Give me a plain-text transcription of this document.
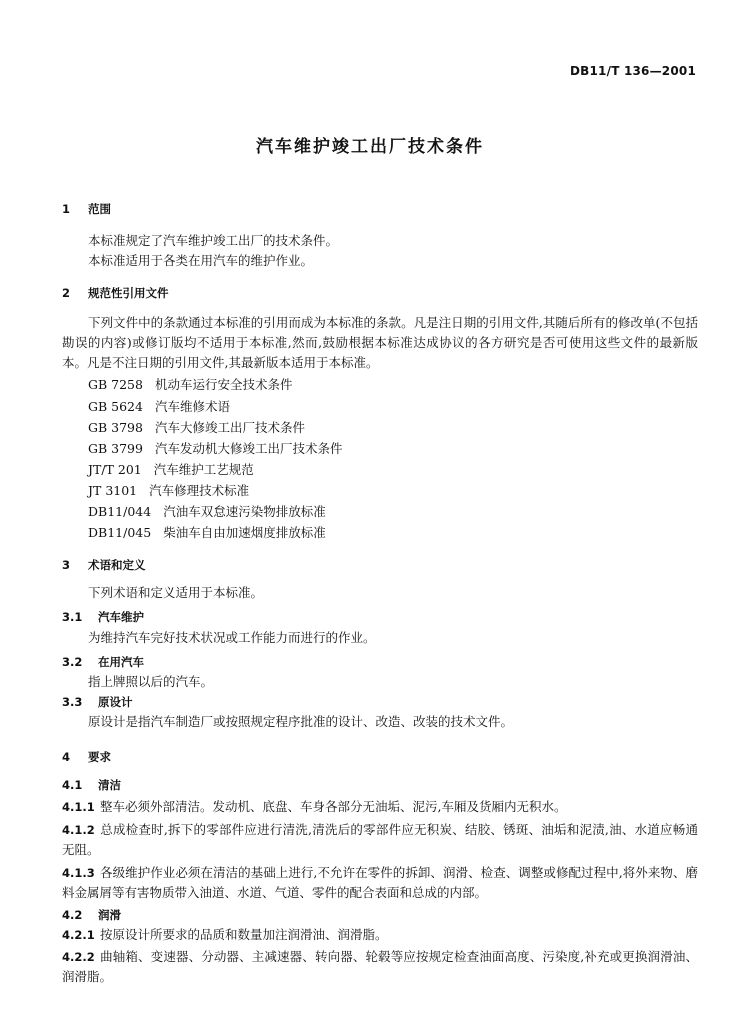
DB11/T 136—2001
汽车维护竣工出厂技术条件
1 范围
本标准规定了汽车维护竣工出厂的技术条件。
本标准适用于各类在用汽车的维护作业。
2 规范性引用文件
下列文件中的条款通过本标准的引用而成为本标准的条款。凡是注日期的引用文件,其随后所有的修改单(不包括勘误的内容)或修订版均不适用于本标准,然而,鼓励根据本标准达成协议的各方研究是否可使用这些文件的最新版本。凡是不注日期的引用文件,其最新版本适用于本标准。
GB 7258 机动车运行安全技术条件
GB 5624 汽车维修术语
GB 3798 汽车大修竣工出厂技术条件
GB 3799 汽车发动机大修竣工出厂技术条件
JT/T 201 汽车维护工艺规范
JT 3101 汽车修理技术标准
DB11/044 汽油车双怠速污染物排放标准
DB11/045 柴油车自由加速烟度排放标准
3 术语和定义
下列术语和定义适用于本标准。
3.1 汽车维护
为维持汽车完好技术状况或工作能力而进行的作业。
3.2 在用汽车
指上牌照以后的汽车。
3.3 原设计
原设计是指汽车制造厂或按照规定程序批准的设计、改造、改装的技术文件。
4 要求
4.1 清洁
4.1.1 整车必须外部清洁。发动机、底盘、车身各部分无油垢、泥污,车厢及货厢内无积水。
4.1.2 总成检查时,拆下的零部件应进行清洗,清洗后的零部件应无积炭、结胶、锈斑、油垢和泥渍,油、水道应畅通无阻。
4.1.3 各级维护作业必须在清洁的基础上进行,不允许在零件的拆卸、润滑、检查、调整或修配过程中,将外来物、磨料金属屑等有害物质带入油道、水道、气道、零件的配合表面和总成的内部。
4.2 润滑
4.2.1 按原设计所要求的品质和数量加注润滑油、润滑脂。
4.2.2 曲轴箱、变速器、分动器、主减速器、转向器、轮毂等应按规定检查油面高度、污染度,补充或更换润滑油、润滑脂。
